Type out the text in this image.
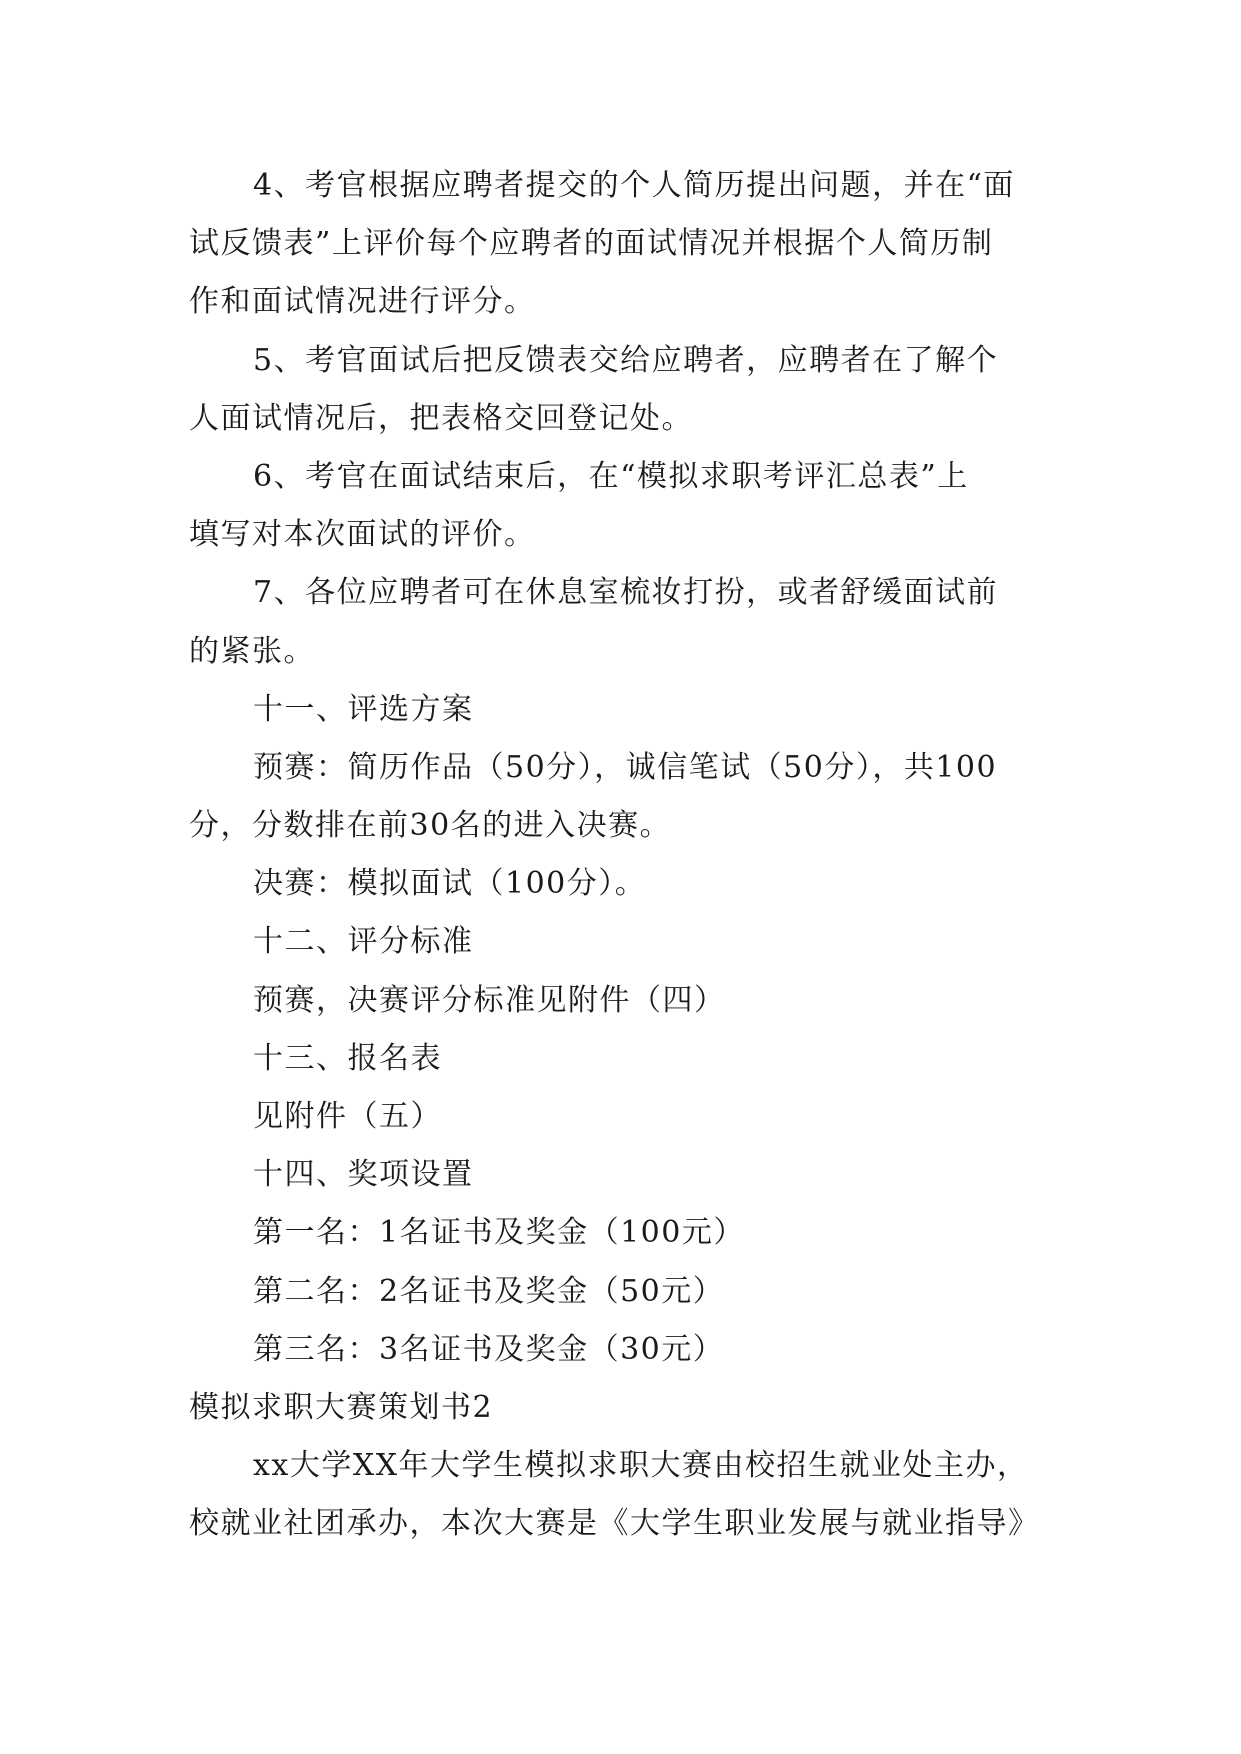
4、考官根据应聘者提交的个人简历提出问题，并在“面
试反馈表”上评价每个应聘者的面试情况并根据个人简历制
作和面试情况进行评分。
5、考官面试后把反馈表交给应聘者，应聘者在了解个
人面试情况后，把表格交回登记处。
6、考官在面试结束后，在“模拟求职考评汇总表”上
填写对本次面试的评价。
7、各位应聘者可在休息室梳妆打扮，或者舒缓面试前
的紧张。
十一、评选方案
预赛：简历作品（50分），诚信笔试（50分），共100
分，分数排在前30名的进入决赛。
决赛：模拟面试（100分）。
十二、评分标准
预赛，决赛评分标准见附件（四）
十三、报名表
见附件（五）
十四、奖项设置
第一名：1名证书及奖金（100元）
第二名：2名证书及奖金（50元）
第三名：3名证书及奖金（30元）
模拟求职大赛策划书2
xx大学XX年大学生模拟求职大赛由校招生就业处主办，
校就业社团承办，本次大赛是《大学生职业发展与就业指导》
